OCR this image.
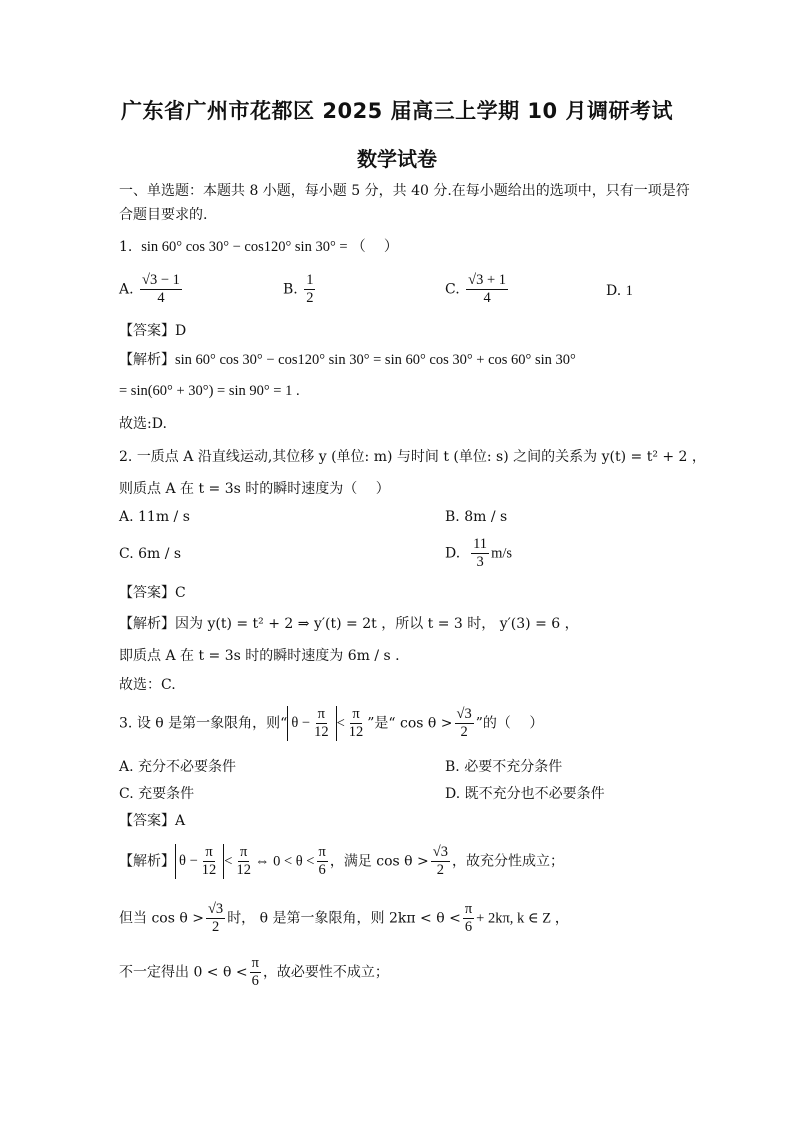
广东省广州市花都区 2025 届高三上学期 10 月调研考试
数学试卷
一、单选题：本题共 8 小题，每小题 5 分，共 40 分.在每小题给出的选项中，只有一项是符
合题目要求的.
1. sin 60° cos 30° − cos120° sin 30° = （　 ）
A. $\frac{√3 - 1}{4}$	B. $\frac{1}{2}$	C. $\frac{√3 + 1}{4}$	D. 1
【答案】D
【解析】sin 60° cos 30° − cos120° sin 30° = sin 60° cos 30° + cos 60° sin 30°
= sin(60° + 30°) = sin 90° = 1 .
故选:D.
2. 一质点 A 沿直线运动,其位移 y (单位: m) 与时间 t (单位: s) 之间的关系为 y(t) = t² + 2 ，
则质点 A 在 t = 3s 时的瞬时速度为（　 ）
A. 11m / s	B. 8m / s
C. 6m / s	D. $\frac{11}{3} m/s$
【答案】C
【解析】因为 y(t) = t² + 2 ⇒ y′(t) = 2t ，所以 t = 3 时， y′(3) = 6 ，
即质点 A 在 t = 3s 时的瞬时速度为 6m / s .
故选：C.
3. 设 θ 是第一象限角，则“ $\theta - \frac{\pi}{12} < \frac{\pi}{12}$ ”是“ $\cos \theta > \frac{√3}{2}$ ”的（　 ）
A. 充分不必要条件	B. 必要不充分条件
C. 充要条件	D. 既不充分也不必要条件
【答案】A
【解析】 $\theta - \frac{\pi}{12} < \frac{\pi}{12}$ ⇔ $0 < \theta < \frac{\pi}{6}$ ，满足 $\cos \theta > \frac{√3}{2}$ ，故充分性成立；
但当 $\cos \theta > \frac{√3}{2}$ 时， θ 是第一象限角，则 $2k\pi < \theta < \frac{\pi}{6} + 2k\pi$, k ∈ Z ，
不一定得出 $0 < \theta < \frac{\pi}{6}$ ，故必要性不成立；
